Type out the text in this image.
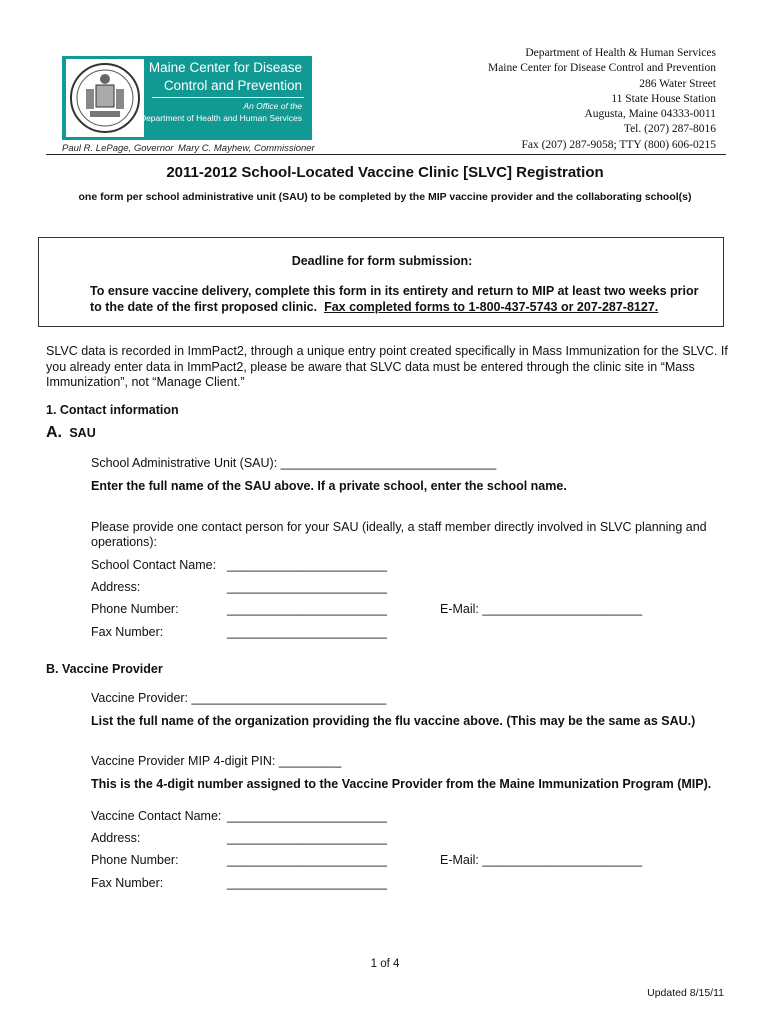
Maine Center for Disease
Control and Prevention
An Office of the
Department of Health and Human Services
Paul R. LePage, Governor Mary C. Mayhew, Commissioner
Department of Health & Human Services
Maine Center for Disease Control and Prevention
286 Water Street
11 State House Station
Augusta, Maine 04333-0011
Tel. (207) 287-8016
Fax (207) 287-9058; TTY (800) 606-0215
2011-2012 School-Located Vaccine Clinic [SLVC] Registration
one form per school administrative unit (SAU) to be completed by the MIP vaccine provider and the collaborating school(s)
Deadline for form submission:
To ensure vaccine delivery, complete this form in its entirety and return to MIP at least two weeks prior to the date of the first proposed clinic. Fax completed forms to 1-800-437-5743 or 207-287-8127.
SLVC data is recorded in ImmPact2, through a unique entry point created specifically in Mass Immunization for the SLVC. If you already enter data in ImmPact2, please be aware that SLVC data must be entered through the clinic site in “Mass Immunization”, not “Manage Client.”
1. Contact information
A. SAU
School Administrative Unit (SAU): _______________________________
Enter the full name of the SAU above. If a private school, enter the school name.
Please provide one contact person for your SAU (ideally, a staff member directly involved in SLVC planning and
operations):
School Contact Name: _______________________
Address:	_______________________
Phone Number:	_______________________	E-Mail: _______________________
Fax Number:	_______________________
B. Vaccine Provider
Vaccine Provider: ____________________________
List the full name of the organization providing the flu vaccine above. (This may be the same as SAU.)
Vaccine Provider MIP 4-digit PIN: _________
This is the 4-digit number assigned to the Vaccine Provider from the Maine Immunization Program (MIP).
Vaccine Contact Name: _______________________
Address:	_______________________
Phone Number:	_______________________	E-Mail: _______________________
Fax Number:	_______________________
1 of 4
Updated 8/15/11
